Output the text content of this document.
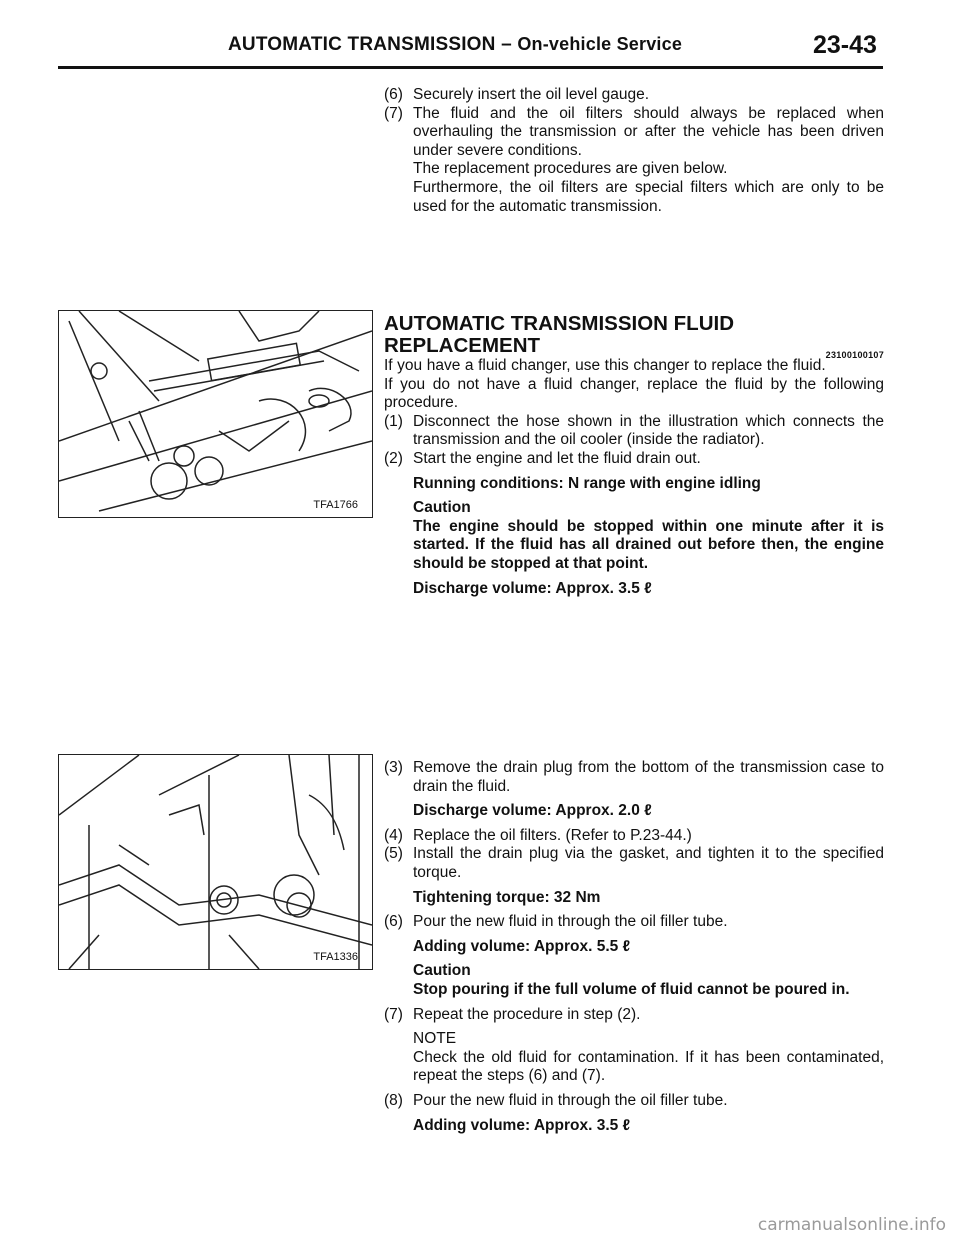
AUTOMATIC TRANSMISSION – On-vehicle Service	23-43
(6) Securely insert the oil level gauge.
(7) The fluid and the oil filters should always be replaced when overhauling the transmission or after the vehicle has been driven under severe conditions.

The replacement procedures are given below.

Furthermore, the oil filters are special filters which are only to be used for the automatic transmission.

TFA1766

AUTOMATIC TRANSMISSION FLUID

REPLACEMENT	23100100107

If you have a fluid changer, use this changer to replace the fluid. If you do not have a fluid changer, replace the fluid by the following procedure.

(1) Disconnect the hose shown in the illustration which connects the transmission and the oil cooler (inside the radiator).
(2) Start the engine and let the fluid drain out.

Running conditions: N range with engine idling

Caution

The engine should be stopped within one minute after it is started. If the fluid has all drained out before then, the engine should be stopped at that point.

Discharge volume: Approx. 3.5 ℓ

TFA1336
(3) Remove the drain plug from the bottom of the transmission case to drain the fluid.

Discharge volume: Approx. 2.0 ℓ

(4) Replace the oil filters. (Refer to P.23-44.)
(5) Install the drain plug via the gasket, and tighten it to the specified torque.

Tightening torque: 32 Nm

(6) Pour the new fluid in through the oil filler tube.

Adding volume: Approx. 5.5 ℓ

Caution

Stop pouring if the full volume of fluid cannot be poured in.

(7) Repeat the procedure in step (2).

NOTE

Check the old fluid for contamination. If it has been contaminated, repeat the steps (6) and (7).

(8) Pour the new fluid in through the oil filler tube.

Adding volume: Approx. 3.5 ℓ

carmanualsonline.info
